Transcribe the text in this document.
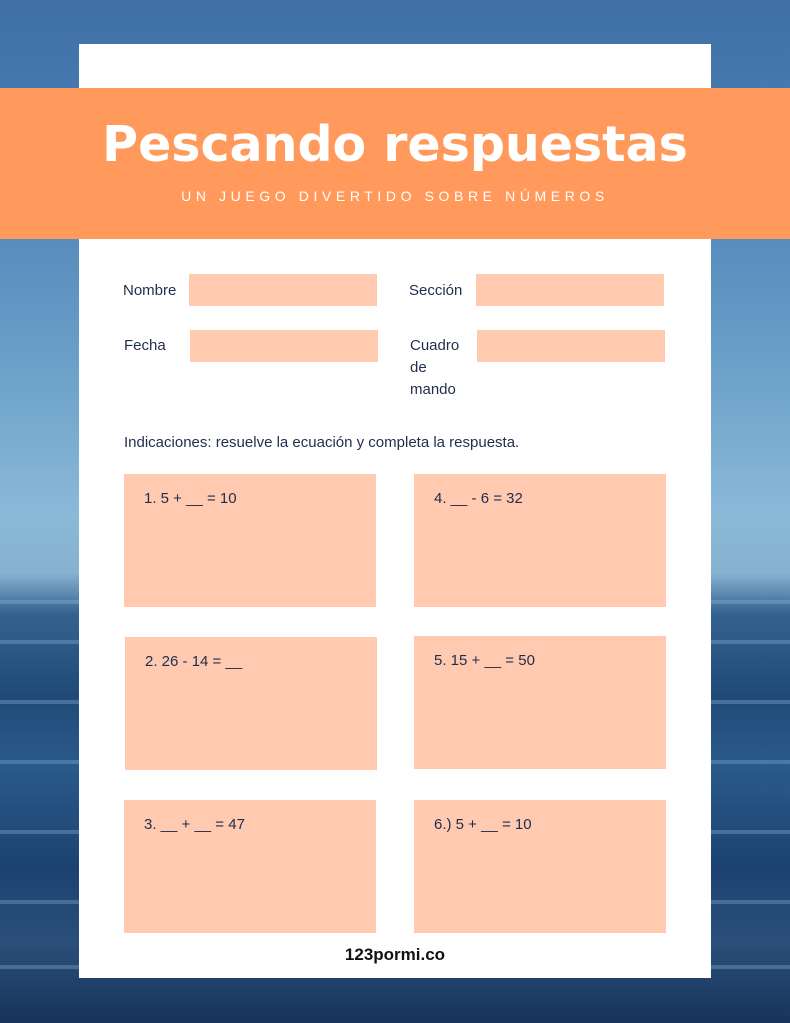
Pescando respuestas
UN JUEGO DIVERTIDO SOBRE NÚMEROS
Nombre	Sección
Fecha	Cuadro
de
mando
Indicaciones: resuelve la ecuación y completa la respuesta.
1. 5 + __ = 10
2. 26 - 14 = __
3. __ + __ = 47
4. __ - 6 = 32
5. 15 + __ = 50
6.) 5 + __ = 10
123pormi.co
